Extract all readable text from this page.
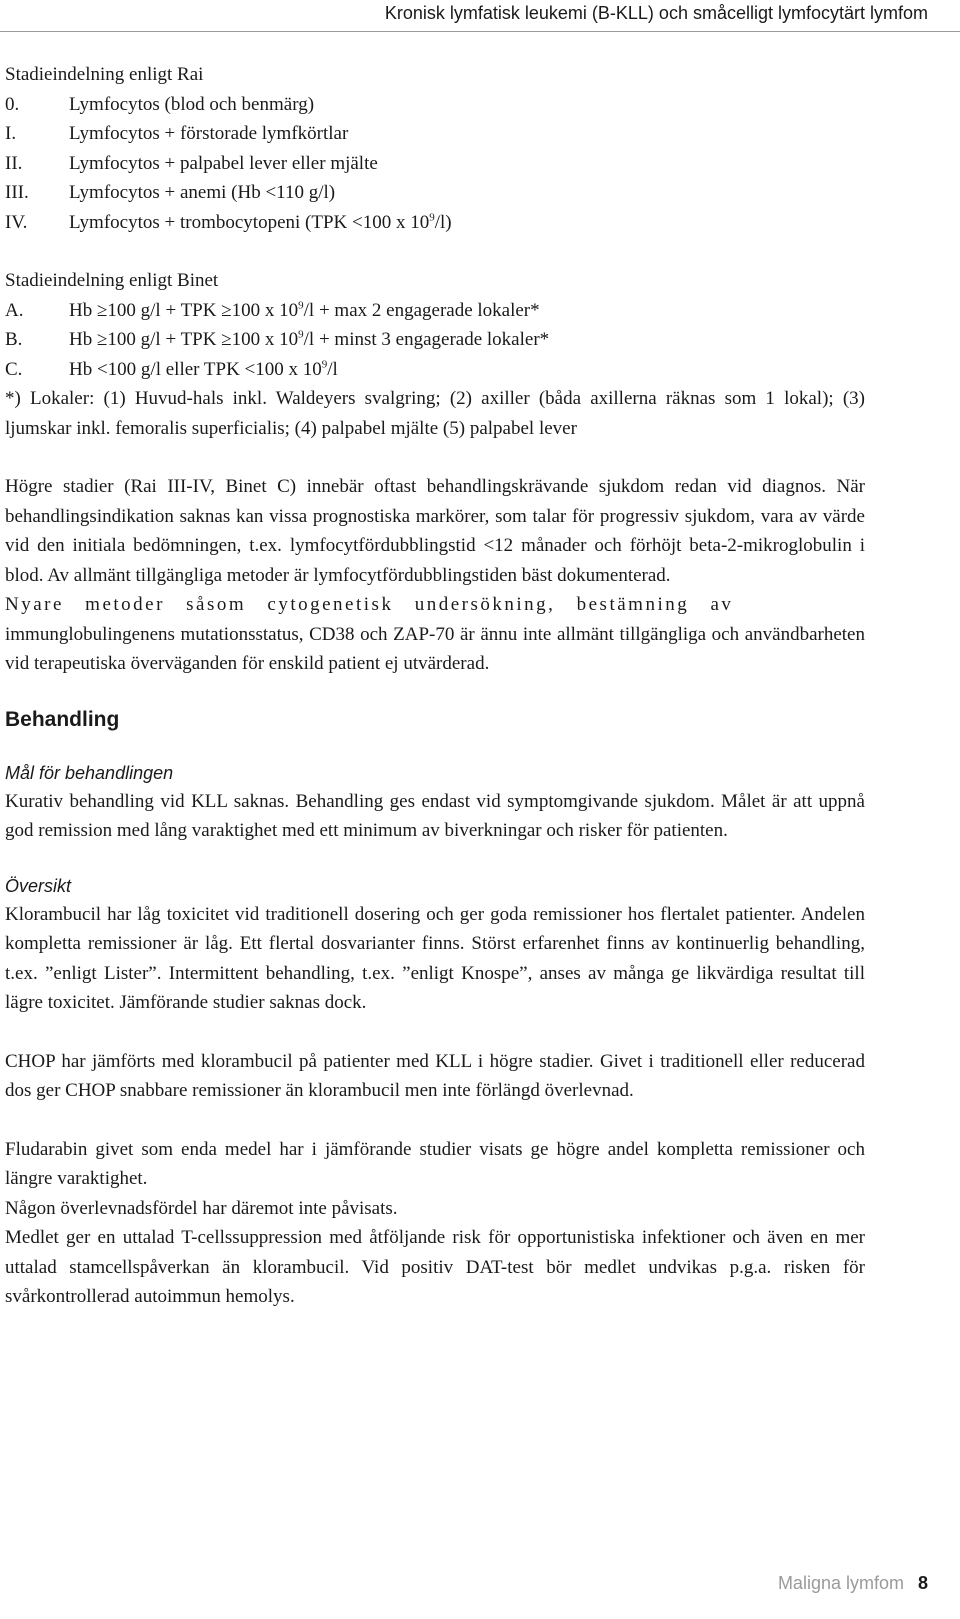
Kronisk lymfatisk leukemi (B-KLL) och småcelligt lymfocytärt lymfom
Stadieindelning enligt Rai
0.	Lymfocytos (blod och benmärg)
I.	Lymfocytos + förstorade lymfkörtlar
II. Lymfocytos + palpabel lever eller mjälte
III. Lymfocytos + anemi (Hb <110 g/l)
IV. Lymfocytos + trombocytopeni (TPK <100 x $10^9/l$)
Stadieindelning enligt Binet
A. Hb ≥100 g/l + TPK ≥100 x $10^9/l + \max 2$ engagerade lokaler*
B. Hb ≥100 g/l + TPK ≥100 x $10^9/l$ + minst 3 engagerade lokaler*
C. Hb <100 g/l eller TPK <100 x $10^9/l$
*) Lokaler: (1) Huvud-hals inkl. Waldeyers svalgring; (2) axiller (båda axillerna räknas som 1 lokal); (3) ljumskar inkl. femoralis superficialis; (4) palpabel mjälte (5) palpabel lever
Högre stadier (Rai III-IV, Binet C) innebär oftast behandlingskrävande sjukdom redan vid diagnos. När behandlingsindikation saknas kan vissa prognostiska markörer, som talar för progressiv sjukdom, vara av värde vid den initiala bedömningen, t.ex. lymfocytfördubblingstid <12 månader och förhöjt beta-2-mikroglobulin i blod. Av allmänt tillgängliga metoder är lymfocytfördubblingstiden bäst dokumenterad.
Nyare metoder såsom cytogenetisk undersökning, bestämning av
immunglobulingenens mutationsstatus, CD38 och ZAP-70 är ännu inte allmänt tillgängliga och användbarheten vid terapeutiska överväganden för enskild patient ej utvärderad.
Behandling
Mål för behandlingen
Kurativ behandling vid KLL saknas. Behandling ges endast vid symptomgivande sjukdom. Målet är att uppnå god remission med lång varaktighet med ett minimum av biverkningar och risker för patienten.
Översikt
Klorambucil har låg toxicitet vid traditionell dosering och ger goda remissioner hos flertalet patienter. Andelen kompletta remissioner är låg. Ett flertal dosvarianter finns. Störst erfarenhet finns av kontinuerlig behandling, t.ex. ”enligt Lister”. Intermittent behandling, t.ex. ”enligt Knospe”, anses av många ge likvärdiga resultat till lägre toxicitet. Jämförande studier saknas dock.
CHOP har jämförts med klorambucil på patienter med KLL i högre stadier. Givet i traditionell eller reducerad dos ger CHOP snabbare remissioner än klorambucil men inte förlängd överlevnad.
Fludarabin givet som enda medel har i jämförande studier visats ge högre andel kompletta remissioner och längre varaktighet.
Någon överlevnadsfördel har däremot inte påvisats.
Medlet ger en uttalad T-cellssuppression med åtföljande risk för opportunistiska infektioner och även en mer uttalad stamcellspåverkan än klorambucil. Vid positiv DAT-test bör medlet undvikas p.g.a. risken för svårkontrollerad autoimmun hemolys.
Maligna lymfom 8
